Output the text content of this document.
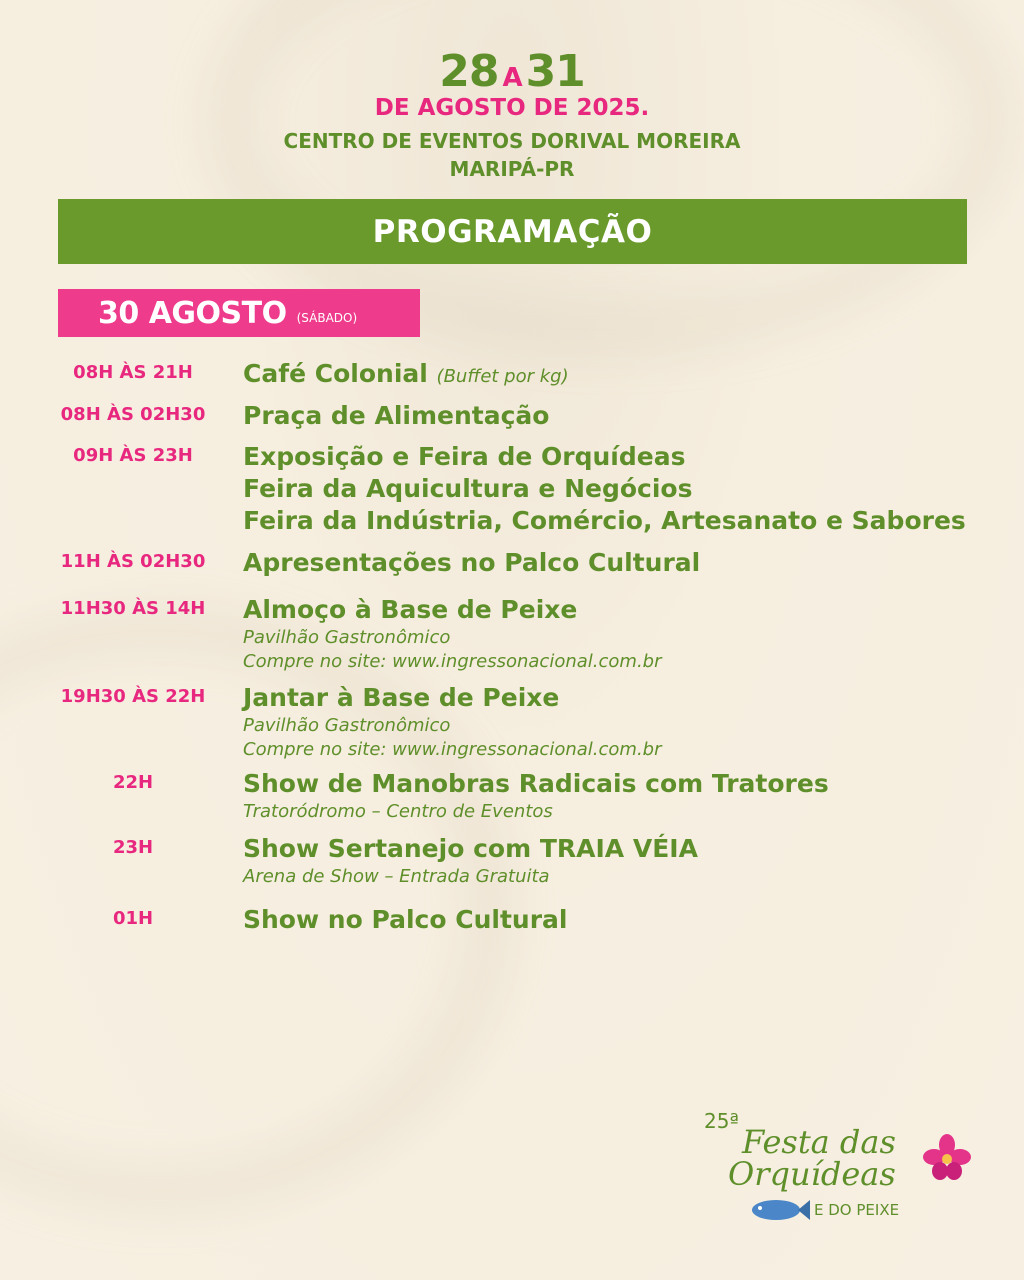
28 A31
DE AGOSTO DE 2025.
CENTRO DE EVENTOS DORIVAL MOREIRA
MARIPÁ-PR
PROGRAMAÇÃO
30 AGOSTO (SÁBADO)
08H ÀS 21H	Café Colonial (Buffet por kg)
08H ÀS 02H30	Praça de Alimentação
09H ÀS 23H	Exposição e Feira de Orquídeas
Feira da Aquicultura e Negócios
Feira da Indústria, Comércio, Artesanato e Sabores
11H ÀS 02H30	Apresentações no Palco Cultural
11H30 ÀS 14H	Almoço à Base de Peixe
Pavilhão Gastronômico
Compre no site: www.ingressonacional.com.br
19H30 ÀS 22H	Jantar à Base de Peixe
Pavilhão Gastronômico
Compre no site: www.ingressonacional.com.br
22H	Show de Manobras Radicais com Tratores
Tratoródromo – Centro de Eventos
23H	Show Sertanejo com TRAIA VÉIA
Arena de Show – Entrada Gratuita
01H	Show no Palco Cultural
25ª
Festa das
Orquídeas
E DO PEIXE
